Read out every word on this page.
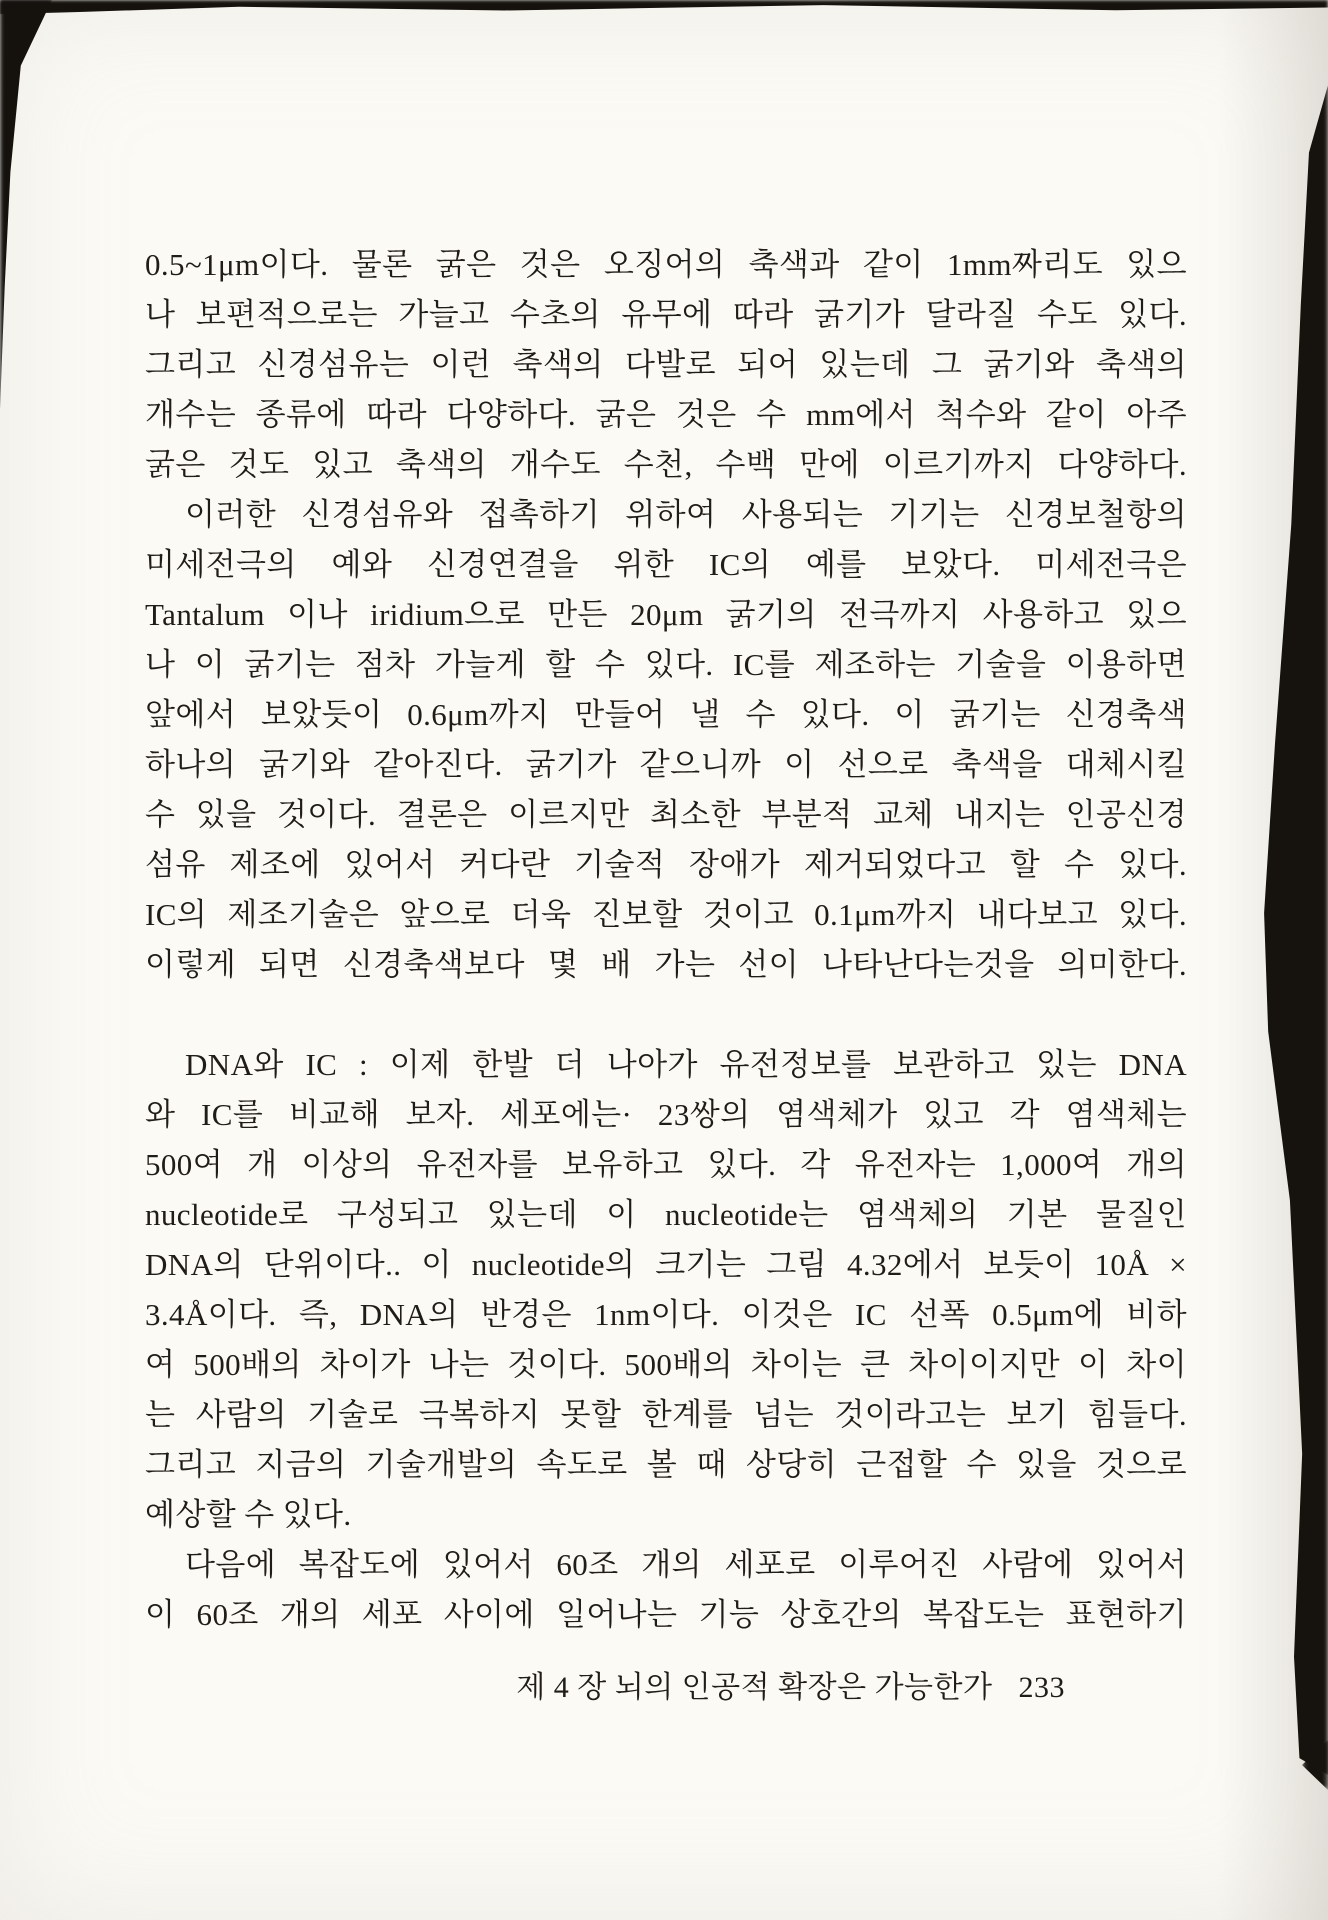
0.5~1μm이다. 물론 굵은 것은 오징어의 축색과 같이 1mm짜리도 있으
나 보편적으로는 가늘고 수초의 유무에 따라 굵기가 달라질 수도 있다.
그리고 신경섬유는 이런 축색의 다발로 되어 있는데 그 굵기와 축색의
개수는 종류에 따라 다양하다. 굵은 것은 수 mm에서 척수와 같이 아주
굵은 것도 있고 축색의 개수도 수천, 수백 만에 이르기까지 다양하다.

이러한 신경섬유와 접촉하기 위하여 사용되는 기기는 신경보철항의
미세전극의 예와 신경연결을 위한 IC의 예를 보았다. 미세전극은
Tantalum 이나 iridium으로 만든 20μm 굵기의 전극까지 사용하고 있으
나 이 굵기는 점차 가늘게 할 수 있다. IC를 제조하는 기술을 이용하면
앞에서 보았듯이 0.6μm까지 만들어 낼 수 있다. 이 굵기는 신경축색
하나의 굵기와 같아진다. 굵기가 같으니까 이 선으로 축색을 대체시킬
수 있을 것이다. 결론은 이르지만 최소한 부분적 교체 내지는 인공신경
섬유 제조에 있어서 커다란 기술적 장애가 제거되었다고 할 수 있다.
IC의 제조기술은 앞으로 더욱 진보할 것이고 0.1μm까지 내다보고 있다.
이렇게 되면 신경축색보다 몇 배 가는 선이 나타난다는것을 의미한다.

DNA와 IC : 이제 한발 더 나아가 유전정보를 보관하고 있는 DNA
와 IC를 비교해 보자. 세포에는· 23쌍의 염색체가 있고 각 염색체는
500여 개 이상의 유전자를 보유하고 있다. 각 유전자는 1,000여 개의
nucleotide로 구성되고 있는데 이 nucleotide는 염색체의 기본 물질인
DNA의 단위이다.. 이 nucleotide의 크기는 그림 4.32에서 보듯이 10Å ×
3.4Å이다. 즉, DNA의 반경은 1nm이다. 이것은 IC 선폭 0.5μm에 비하
여 500배의 차이가 나는 것이다. 500배의 차이는 큰 차이이지만 이 차이
는 사람의 기술로 극복하지 못할 한계를 넘는 것이라고는 보기 힘들다.
그리고 지금의 기술개발의 속도로 볼 때 상당히 근접할 수 있을 것으로
예상할 수 있다.

다음에 복잡도에 있어서 60조 개의 세포로 이루어진 사람에 있어서
이 60조 개의 세포 사이에 일어나는 기능 상호간의 복잡도는 표현하기

제 4 장 뇌의 인공적 확장은 가능한가 233
